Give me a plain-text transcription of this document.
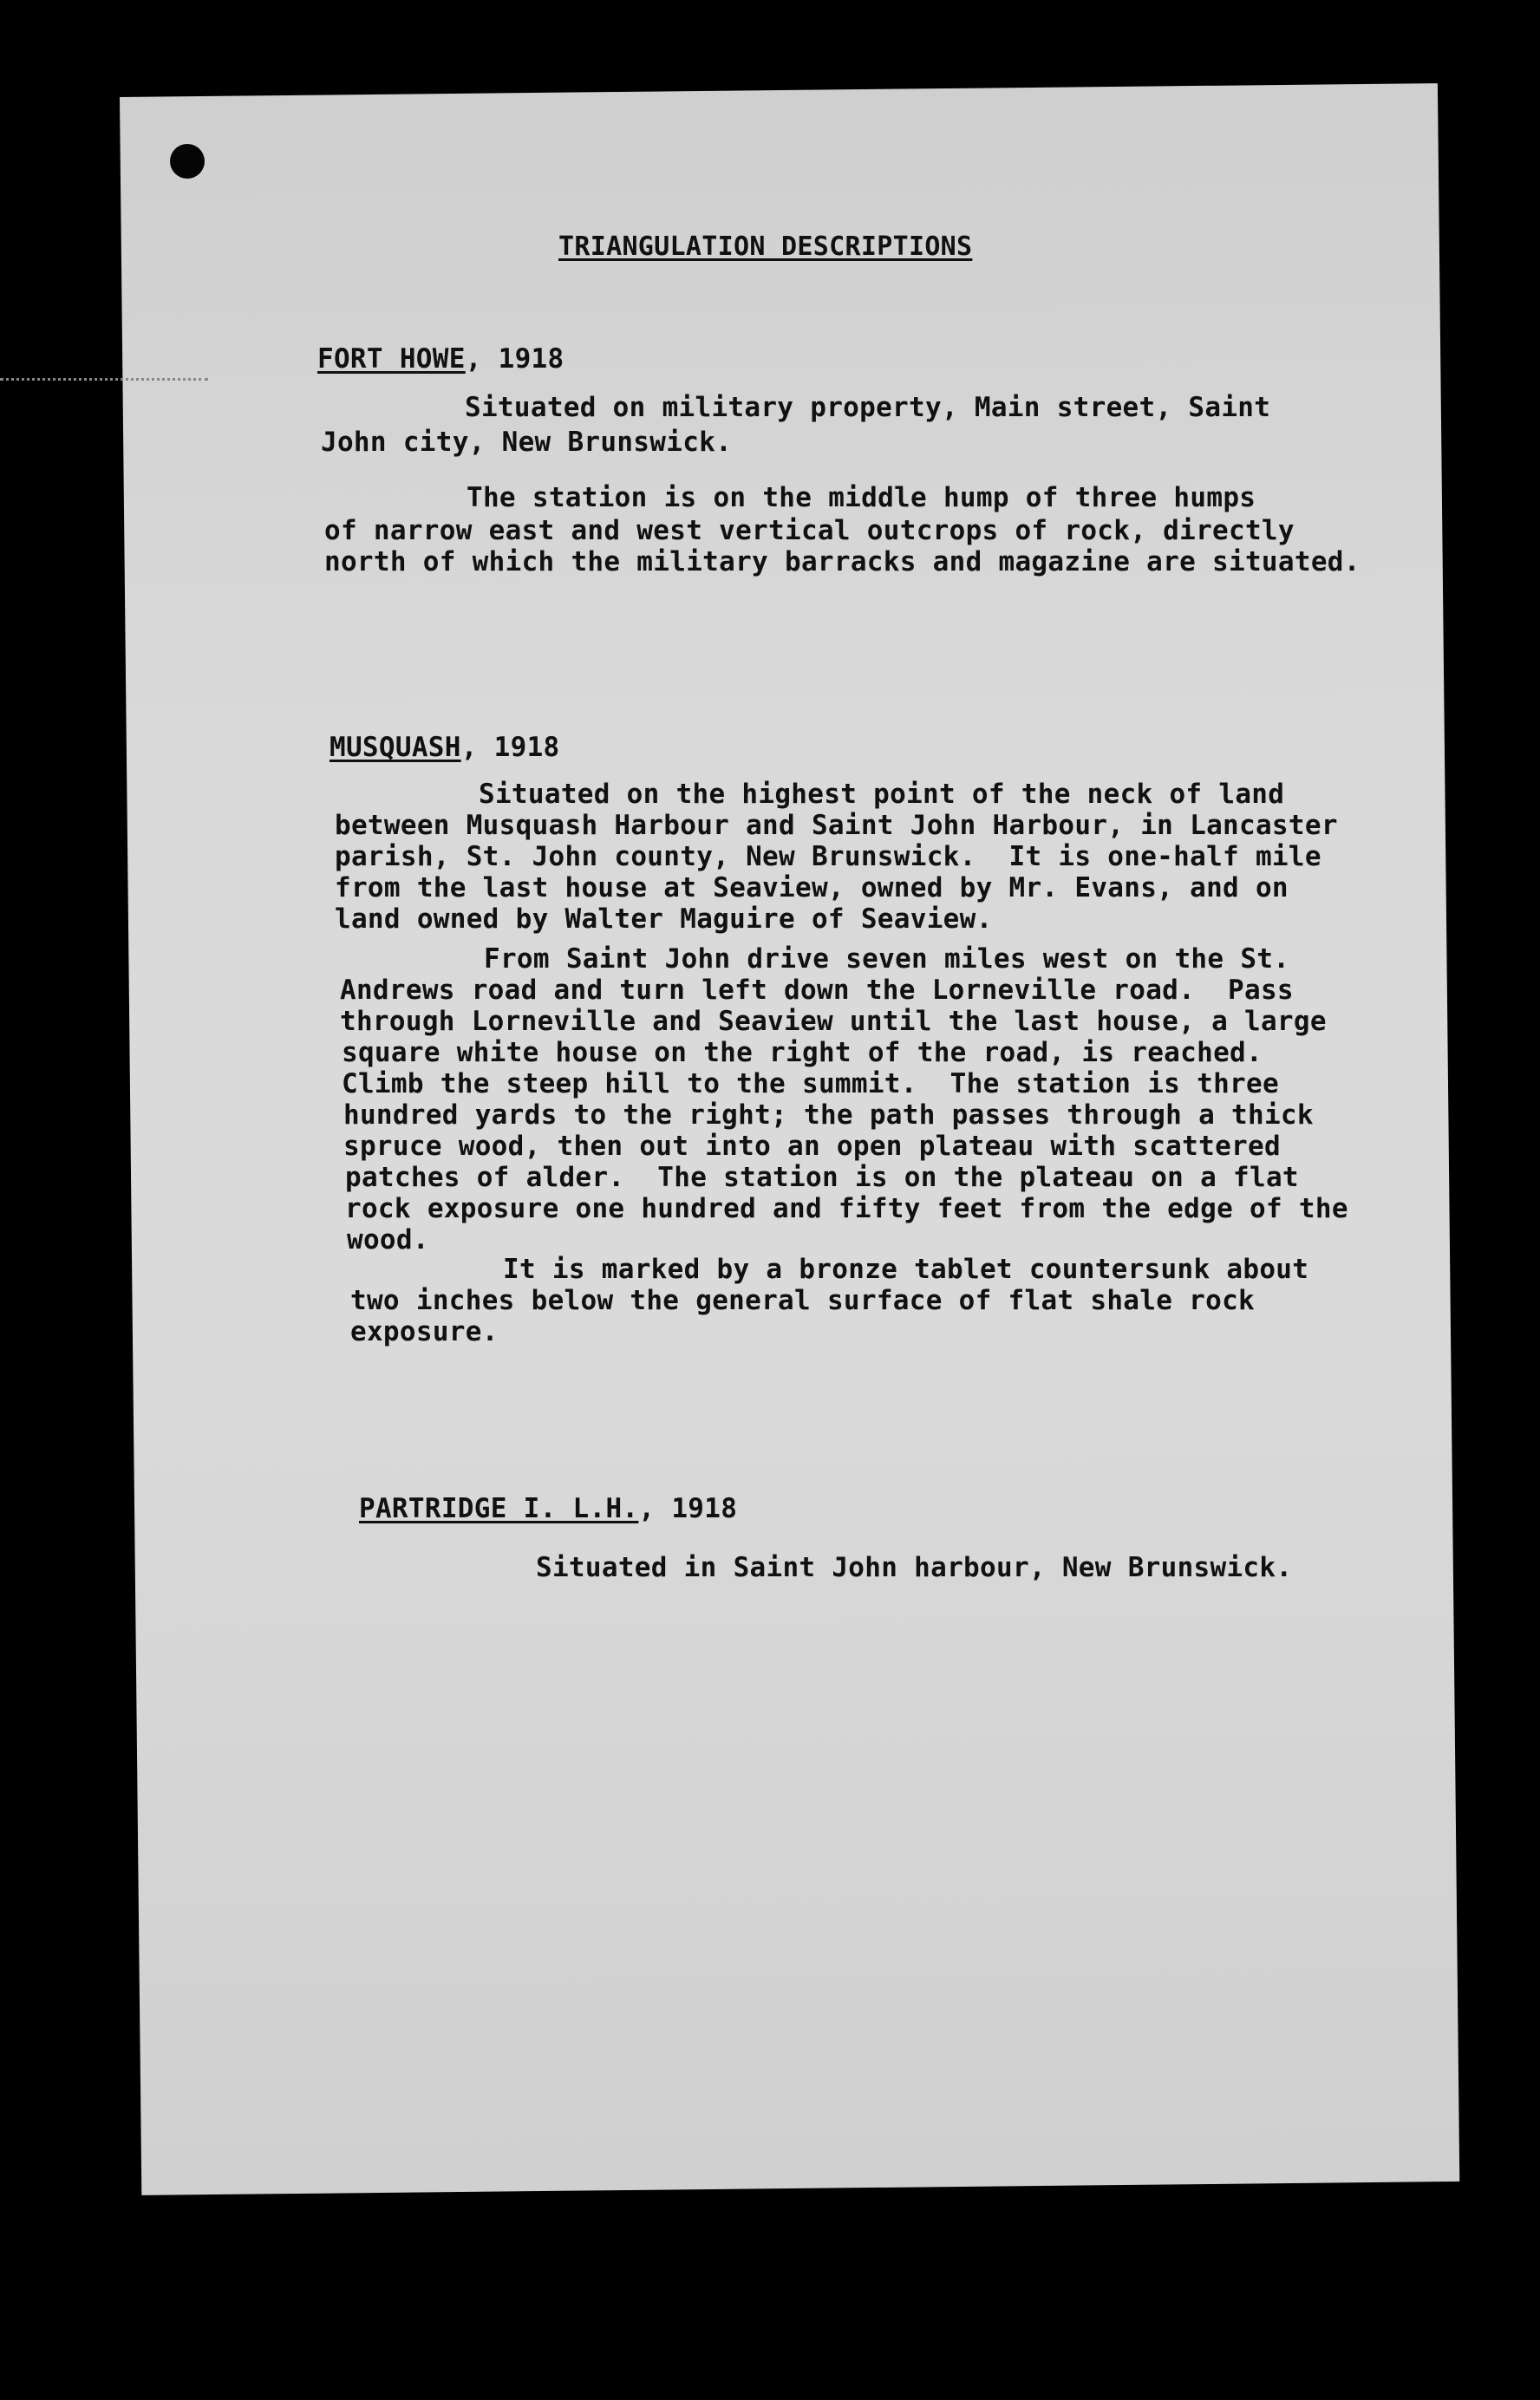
TRIANGULATION DESCRIPTIONS
FORT HOWE, 1918
Situated on military property, Main street, Saint
John city, New Brunswick.
The station is on the middle hump of three humps
of narrow east and west vertical outcrops of rock, directly
north of which the military barracks and magazine are situated.
MUSQUASH, 1918
Situated on the highest point of the neck of land
between Musquash Harbour and Saint John Harbour, in Lancaster
parish, St. John county, New Brunswick.  It is one-half mile
from the last house at Seaview, owned by Mr. Evans, and on
land owned by Walter Maguire of Seaview.
From Saint John drive seven miles west on the St.
Andrews road and turn left down the Lorneville road.  Pass
through Lorneville and Seaview until the last house, a large
square white house on the right of the road, is reached.
Climb the steep hill to the summit.  The station is three
hundred yards to the right; the path passes through a thick
spruce wood, then out into an open plateau with scattered
patches of alder.  The station is on the plateau on a flat
rock exposure one hundred and fifty feet from the edge of the
wood.
It is marked by a bronze tablet countersunk about
two inches below the general surface of flat shale rock
exposure.
PARTRIDGE I. L.H., 1918
Situated in Saint John harbour, New Brunswick.
